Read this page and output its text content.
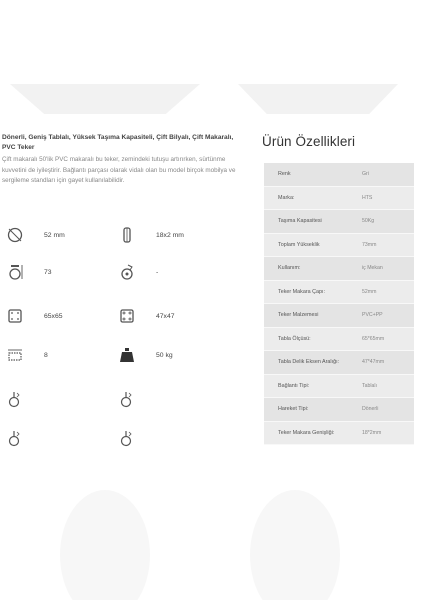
Dönerli, Geniş Tablalı, Yüksek Taşıma Kapasiteli, Çift Bilyalı, Çift Makaralı, PVC Teker
Çift makaralı 50'lik PVC makaralı bu teker, zemindeki tutuşu artırırken, sürtünme kuvvetini de iyileştirir. Bağlantı parçası olarak vidalı olan bu model birçok mobilya ve sergileme standları için gayet kullanılabilidir.
52 mm	18x2 mm
73	-
65x65	47x47
8	50 kg
Ürün Özellikleri
Renk	Gri
Marka:	HTS
Taşıma Kapasitesi	50Kg
Toplam Yükseklik	73mm
Kullanım:	iç Mekan
Teker Makara Çapı:	52mm
Teker Malzemesi	PVC+PP
Tabla Ölçüsü:	65*65mm
Tabla Delik Eksen Aralığı:	47*47mm
Bağlantı Tipi:	Tablalı
Hareket Tipi:	Dönerli
Teker Makara Genişliği:	18*2mm
